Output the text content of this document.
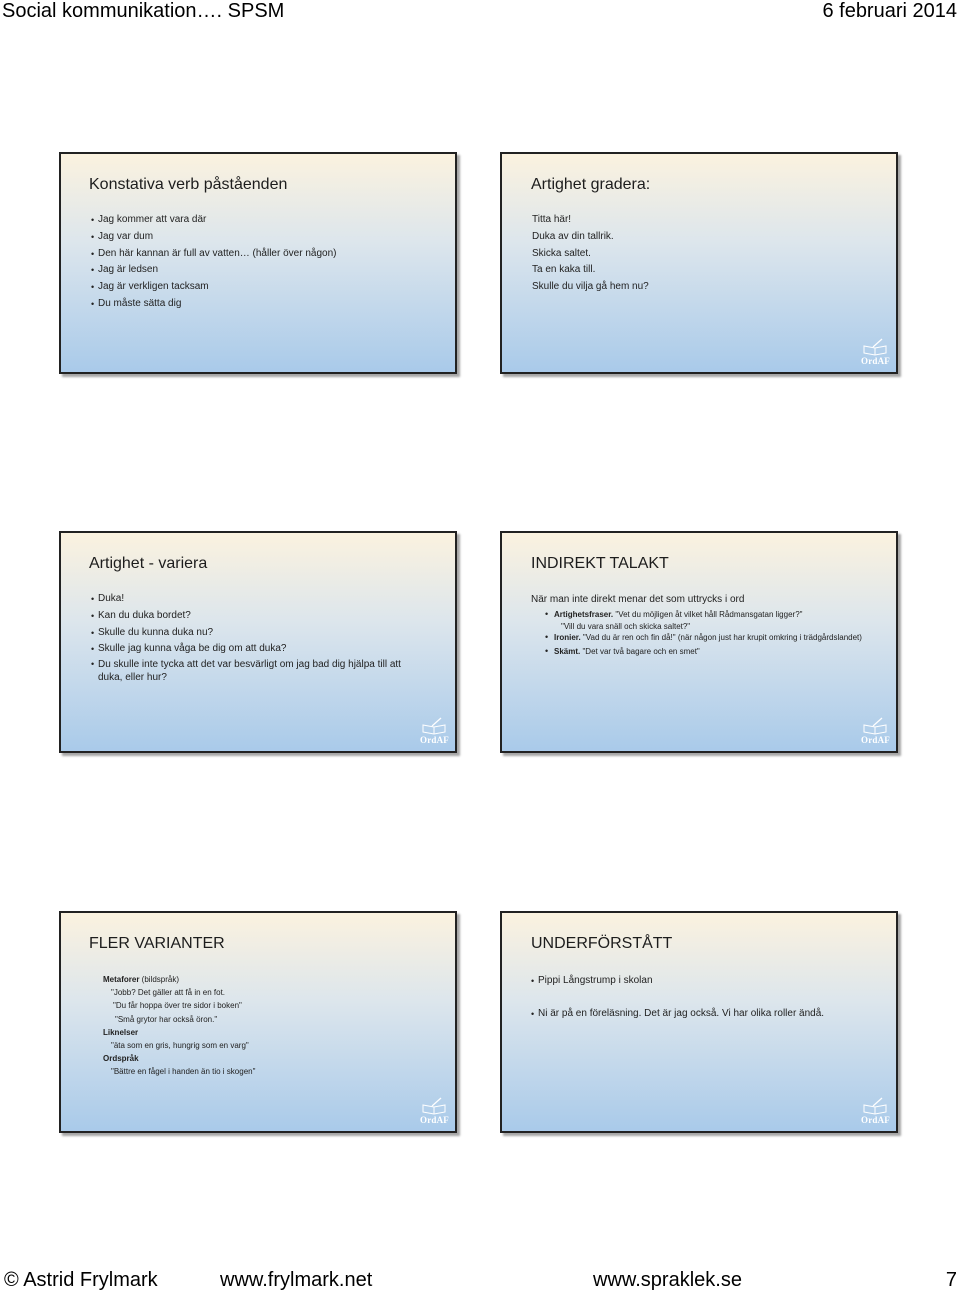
Social kommunikation…. SPSM	6 februari 2014
Konstativa verb påståenden
• Jag kommer att vara där
• Jag var dum
• Den här kannan är full av vatten… (håller över någon)
• Jag är ledsen
• Jag är verkligen tacksam
• Du måste sätta dig
Artighet gradera:
Titta här!
Duka av din tallrik.
Skicka saltet.
Ta en kaka till.
Skulle du vilja gå hem nu?
OrdAF
Artighet - variera
• Duka!
• Kan du duka bordet?
• Skulle du kunna duka nu?
• Skulle jag kunna våga be dig om att duka?
• Du skulle inte tycka att det var besvärligt om jag bad dig hjälpa till att duka, eller hur?
OrdAF
INDIREKT TALAKT
När man inte direkt menar det som uttrycks i ord
• Artighetsfraser. "Vet du möjligen åt vilket håll Rådmansgatan ligger?"
"Vill du vara snäll och skicka saltet?"
• Ironier. "Vad du är ren och fin då!" (när någon just har krupit omkring i trädgårdslandet)
• Skämt. "Det var två bagare och en smet"
OrdAF
FLER VARIANTER
Metaforer (bildspråk)
"Jobb? Det gäller att få in en fot.
"Du får hoppa över tre sidor i boken"
"Små grytor har också öron."
Liknelser
"äta som en gris, hungrig som en varg"
Ordspråk
"Bättre en fågel i handen än tio i skogen"
OrdAF
UNDERFÖRSTÅTT
• Pippi Långstrump i skolan
• Ni är på en föreläsning. Det är jag också. Vi har olika roller ändå.
OrdAF
© Astrid Frylmark	www.frylmark.net	www.spraklek.se	7
